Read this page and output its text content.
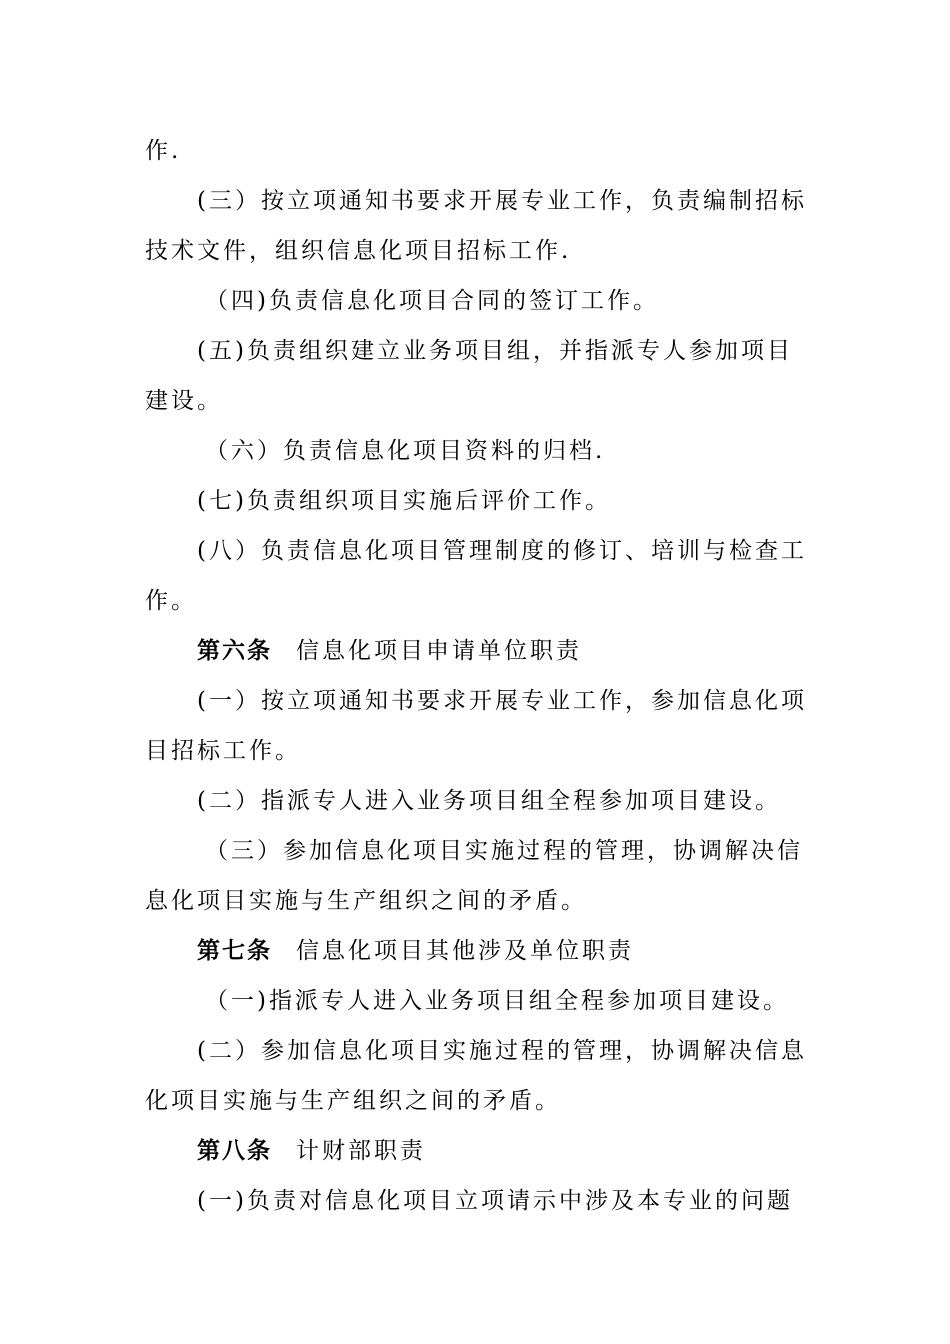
作.
(三）按立项通知书要求开展专业工作，负责编制招标
技术文件，组织信息化项目招标工作.
（四)负责信息化项目合同的签订工作。
(五)负责组织建立业务项目组，并指派专人参加项目
建设。
（六）负责信息化项目资料的归档.
(七)负责组织项目实施后评价工作。
(八）负责信息化项目管理制度的修订、培训与检查工
作。
第六条 信息化项目申请单位职责
(一）按立项通知书要求开展专业工作，参加信息化项
目招标工作。
(二）指派专人进入业务项目组全程参加项目建设。
（三）参加信息化项目实施过程的管理，协调解决信
息化项目实施与生产组织之间的矛盾。
第七条 信息化项目其他涉及单位职责
（一)指派专人进入业务项目组全程参加项目建设。
(二）参加信息化项目实施过程的管理，协调解决信息
化项目实施与生产组织之间的矛盾。
第八条 计财部职责
(一)负责对信息化项目立项请示中涉及本专业的问题
